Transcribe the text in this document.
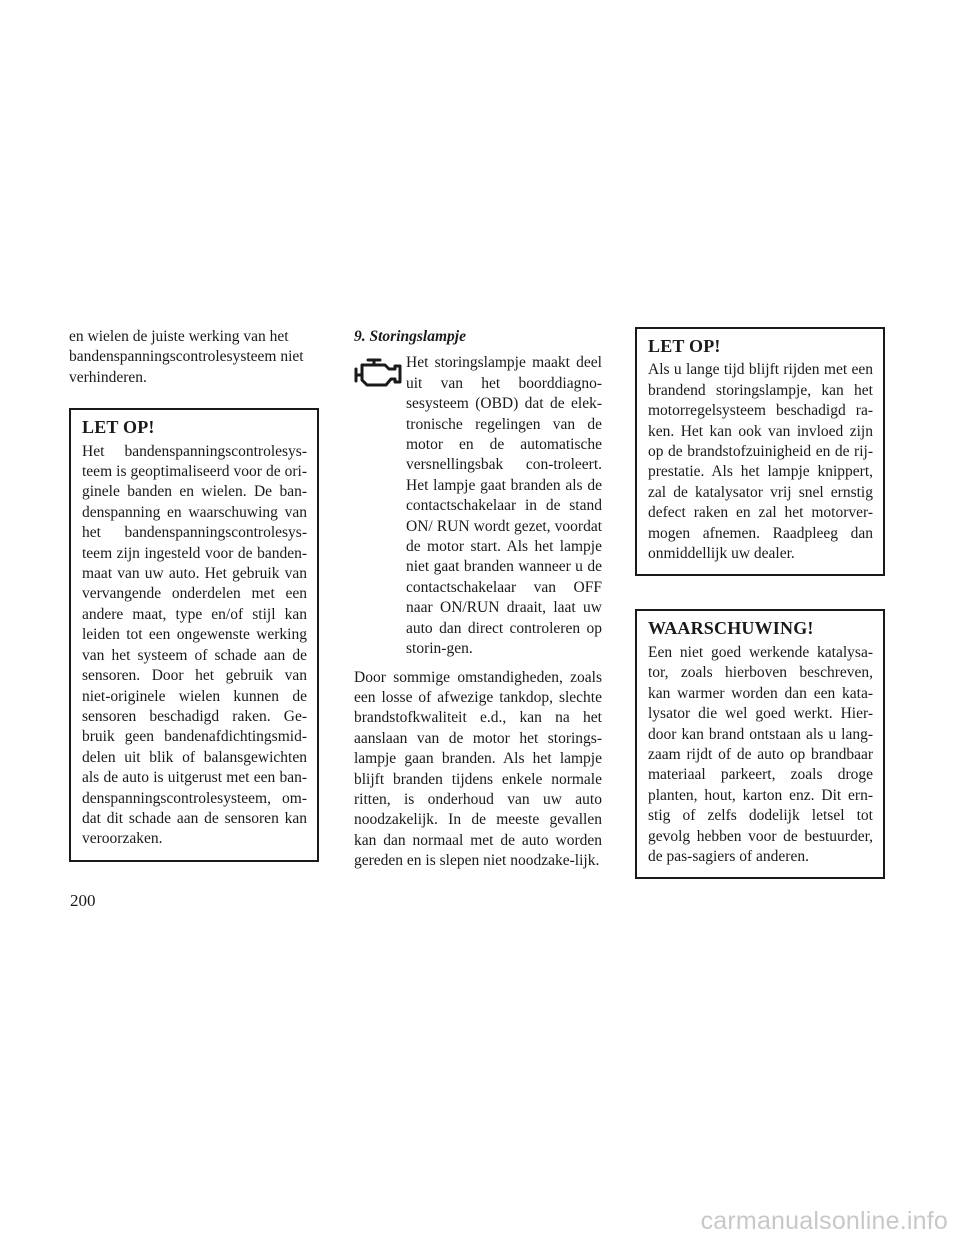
en wielen de juiste werking van het bandenspanningscontrolesysteem niet verhinderen.

LET OP!

Het bandenspanningscontrolesys-teem is geoptimaliseerd voor de ori-ginele banden en wielen. De ban-denspanning en waarschuwing van het bandenspanningscontrolesys-teem zijn ingesteld voor de banden-maat van uw auto. Het gebruik van vervangende onderdelen met een andere maat, type en/of stijl kan leiden tot een ongewenste werking van het systeem of schade aan de sensoren. Door het gebruik van niet-originele wielen kunnen de sensoren beschadigd raken. Ge-bruik geen bandenafdichtingsmid-delen uit blik of balansgewichten als de auto is uitgerust met een ban-denspanningscontrolesysteem, om-dat dit schade aan de sensoren kan veroorzaken.

9. Storingslampje

Het storingslampje maakt deel uit van het boorddiagno-sesysteem (OBD) dat de elek-tronische regelingen van de motor en de automatische versnellingsbak con-troleert. Het lampje gaat branden als de contactschakelaar in de stand ON/ RUN wordt gezet, voordat de motor start. Als het lampje niet gaat branden wanneer u de contactschakelaar van OFF naar ON/RUN draait, laat uw auto dan direct controleren op storin-gen.

Door sommige omstandigheden, zoals een losse of afwezige tankdop, slechte brandstofkwaliteit e.d., kan na het aanslaan van de motor het storings-lampje gaan branden. Als het lampje blijft branden tijdens enkele normale ritten, is onderhoud van uw auto noodzakelijk. In de meeste gevallen kan dan normaal met de auto worden gereden en is slepen niet noodzake-lijk.

LET OP!

Als u lange tijd blijft rijden met een brandend storingslampje, kan het motorregelsysteem beschadigd ra-ken. Het kan ook van invloed zijn op de brandstofzuinigheid en de rij-prestatie. Als het lampje knippert, zal de katalysator vrij snel ernstig defect raken en zal het motorver-mogen afnemen. Raadpleeg dan onmiddellijk uw dealer.

WAARSCHUWING!

Een niet goed werkende katalysa-tor, zoals hierboven beschreven, kan warmer worden dan een kata-lysator die wel goed werkt. Hier-door kan brand ontstaan als u lang-zaam rijdt of de auto op brandbaar materiaal parkeert, zoals droge planten, hout, karton enz. Dit ern-stig of zelfs dodelijk letsel tot gevolg hebben voor de bestuurder, de pas-sagiers of anderen.

200
carmanualsonline.info
